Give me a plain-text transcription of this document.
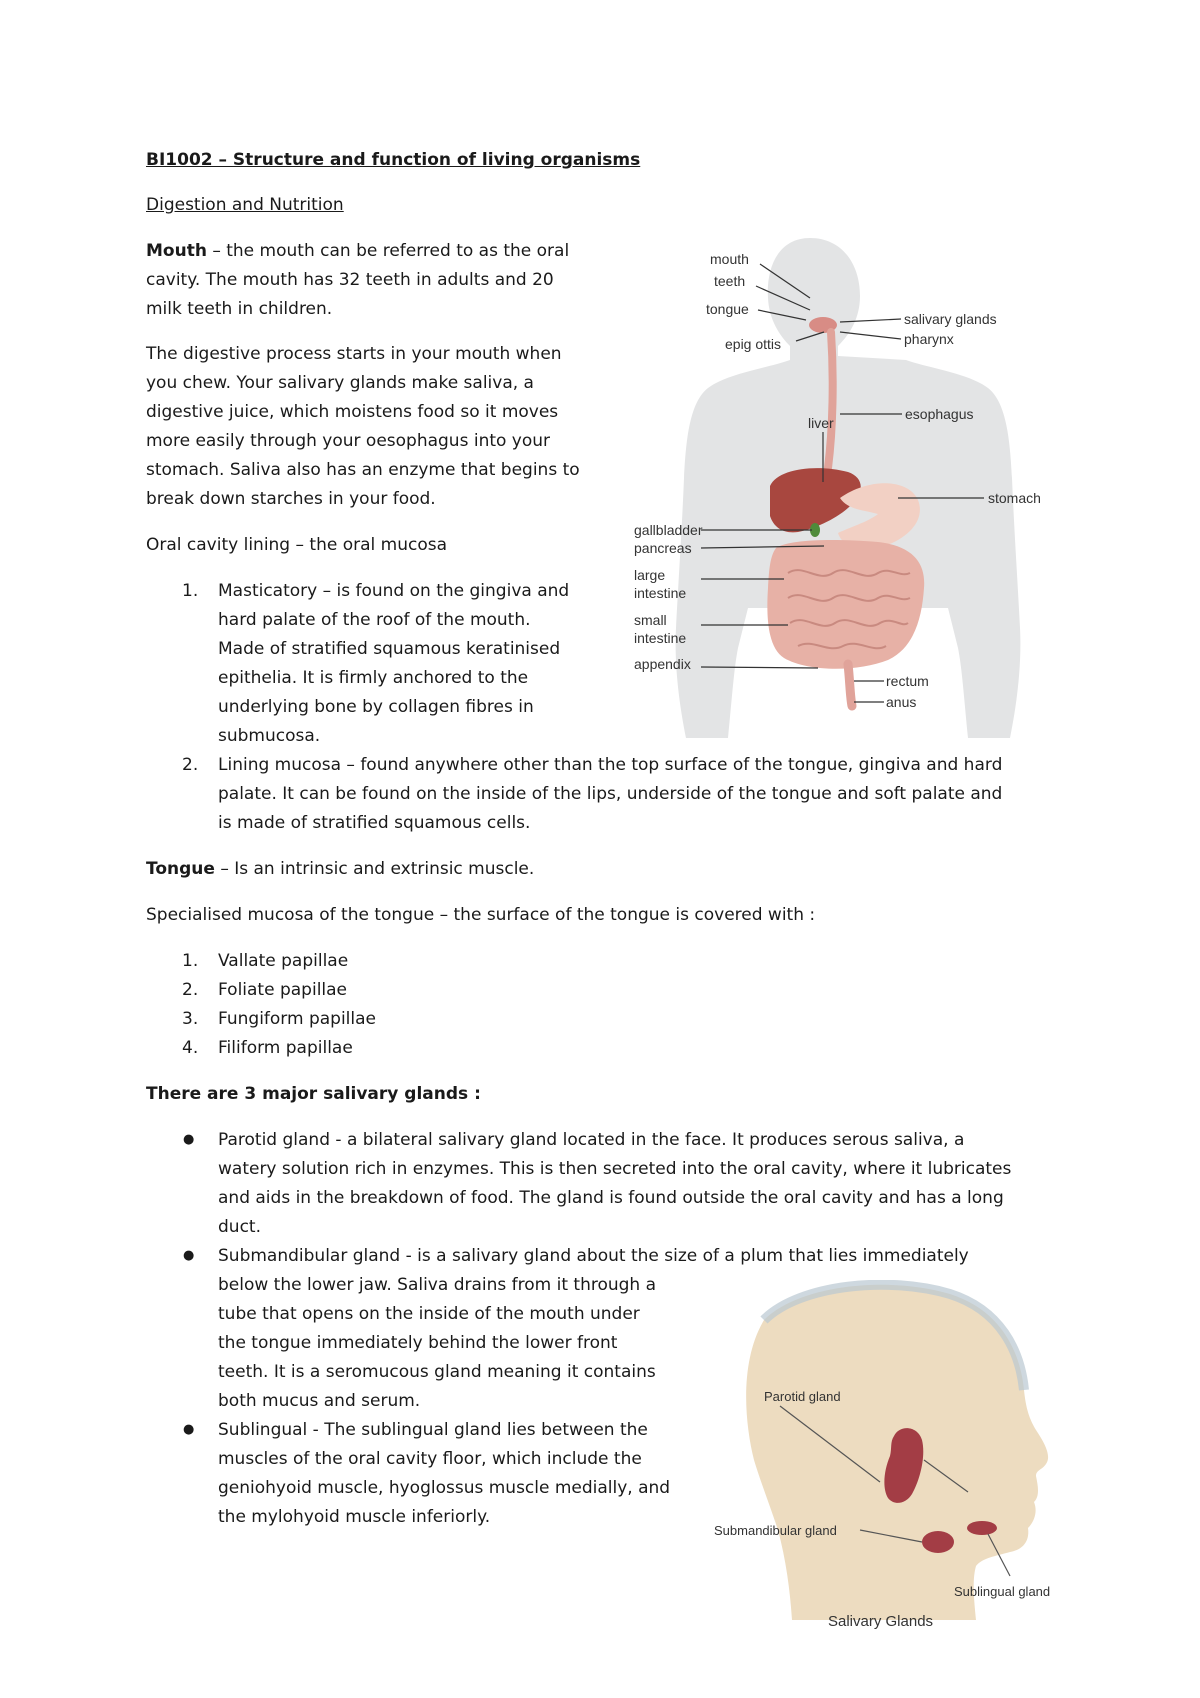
BI1002 – Structure and function of living organisms
Digestion and Nutrition
Mouth – the mouth can be referred to as the oral
cavity. The mouth has 32 teeth in adults and 20
milk teeth in children.
The digestive process starts in your mouth when
you chew. Your salivary glands make saliva, a
digestive juice, which moistens food so it moves
more easily through your oesophagus into your
stomach. Saliva also has an enzyme that begins to
break down starches in your food.
Oral cavity lining – the oral mucosa
1. Masticatory – is found on the gingiva and
hard palate of the roof of the mouth.
Made of stratified squamous keratinised
epithelia. It is firmly anchored to the
underlying bone by collagen fibres in
submucosa.
2. Lining mucosa – found anywhere other than the top surface of the tongue, gingiva and hard
palate. It can be found on the inside of the lips, underside of the tongue and soft palate and
is made of stratified squamous cells.
Tongue – Is an intrinsic and extrinsic muscle.
Specialised mucosa of the tongue – the surface of the tongue is covered with :
1. Vallate papillae
2. Foliate papillae
3. Fungiform papillae
4. Filiform papillae
There are 3 major salivary glands :
● Parotid gland - a bilateral salivary gland located in the face. It produces serous saliva, a
watery solution rich in enzymes. This is then secreted into the oral cavity, where it lubricates
and aids in the breakdown of food. The gland is found outside the oral cavity and has a long
duct.
● Submandibular gland - is a salivary gland about the size of a plum that lies immediately
below the lower jaw. Saliva drains from it through a
tube that opens on the inside of the mouth under
the tongue immediately behind the lower front
teeth. It is a seromucous gland meaning it contains
both mucus and serum.
● Sublingual - The sublingual gland lies between the
muscles of the oral cavity floor, which include the
geniohyoid muscle, hyoglossus muscle medially, and
the mylohyoid muscle inferiorly.
mouth
teeth
tongue
epig ottis
salivary glands
pharynx
esophagus
liver
stomach
gallbladder
pancreas
large
intestine
small
intestine
appendix
rectum
anus
Parotid gland
Submandibular gland
Sublingual gland
Salivary Glands
